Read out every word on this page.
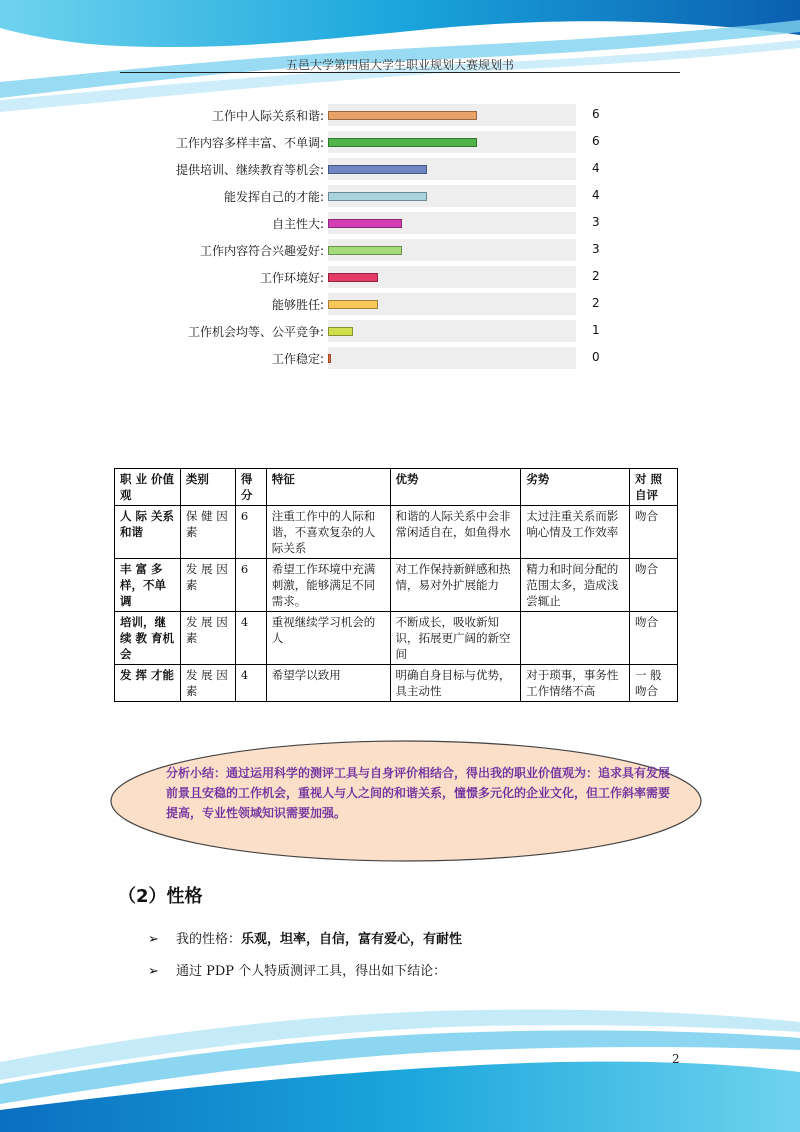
五邑大学第四届大学生职业规划大赛规划书
工作中人际关系和谐:	6
工作内容多样丰富、不单调:	6
提供培训、继续教育等机会:	4
能发挥自己的才能:	4
自主性大:	3
工作内容符合兴趣爱好:	3
工作环境好:	2
能够胜任:	2
工作机会均等、公平竞争:	1
工作稳定:	0
职 业 价值观	类别	得分	特征	优势	劣势	对 照 自评
人 际 关系和谐	保 健 因素	6	注重工作中的人际和谐，不喜欢复杂的人际关系	和谐的人际关系中会非常闲适自在，如鱼得水	太过注重关系而影响心情及工作效率	吻合
丰 富 多样，不单调	发 展 因素	6	希望工作环境中充满刺激，能够满足不同需求。	对工作保持新鲜感和热情，易对外扩展能力	精力和时间分配的范围太多，造成浅尝辄止	吻合
培训，继续 教 育机会	发 展 因素	4	重视继续学习机会的人	不断成长，吸收新知识，拓展更广阔的新空间		吻合
发 挥 才能	发 展 因素	4	希望学以致用	明确自身目标与优势，具主动性	对于琐事，事务性工作情绪不高	一 般 吻合
分析小结：通过运用科学的测评工具与自身评价相结合，得出我的职业价值观为：追求具有发展前景且安稳的工作机会，重视人与人之间的和谐关系，憧憬多元化的企业文化，但工作斜率需要提高，专业性领域知识需要加强。
（2）性格
➢ 我的性格：乐观，坦率，自信，富有爱心，有耐性
➢ 通过 PDP 个人特质测评工具，得出如下结论：
2
